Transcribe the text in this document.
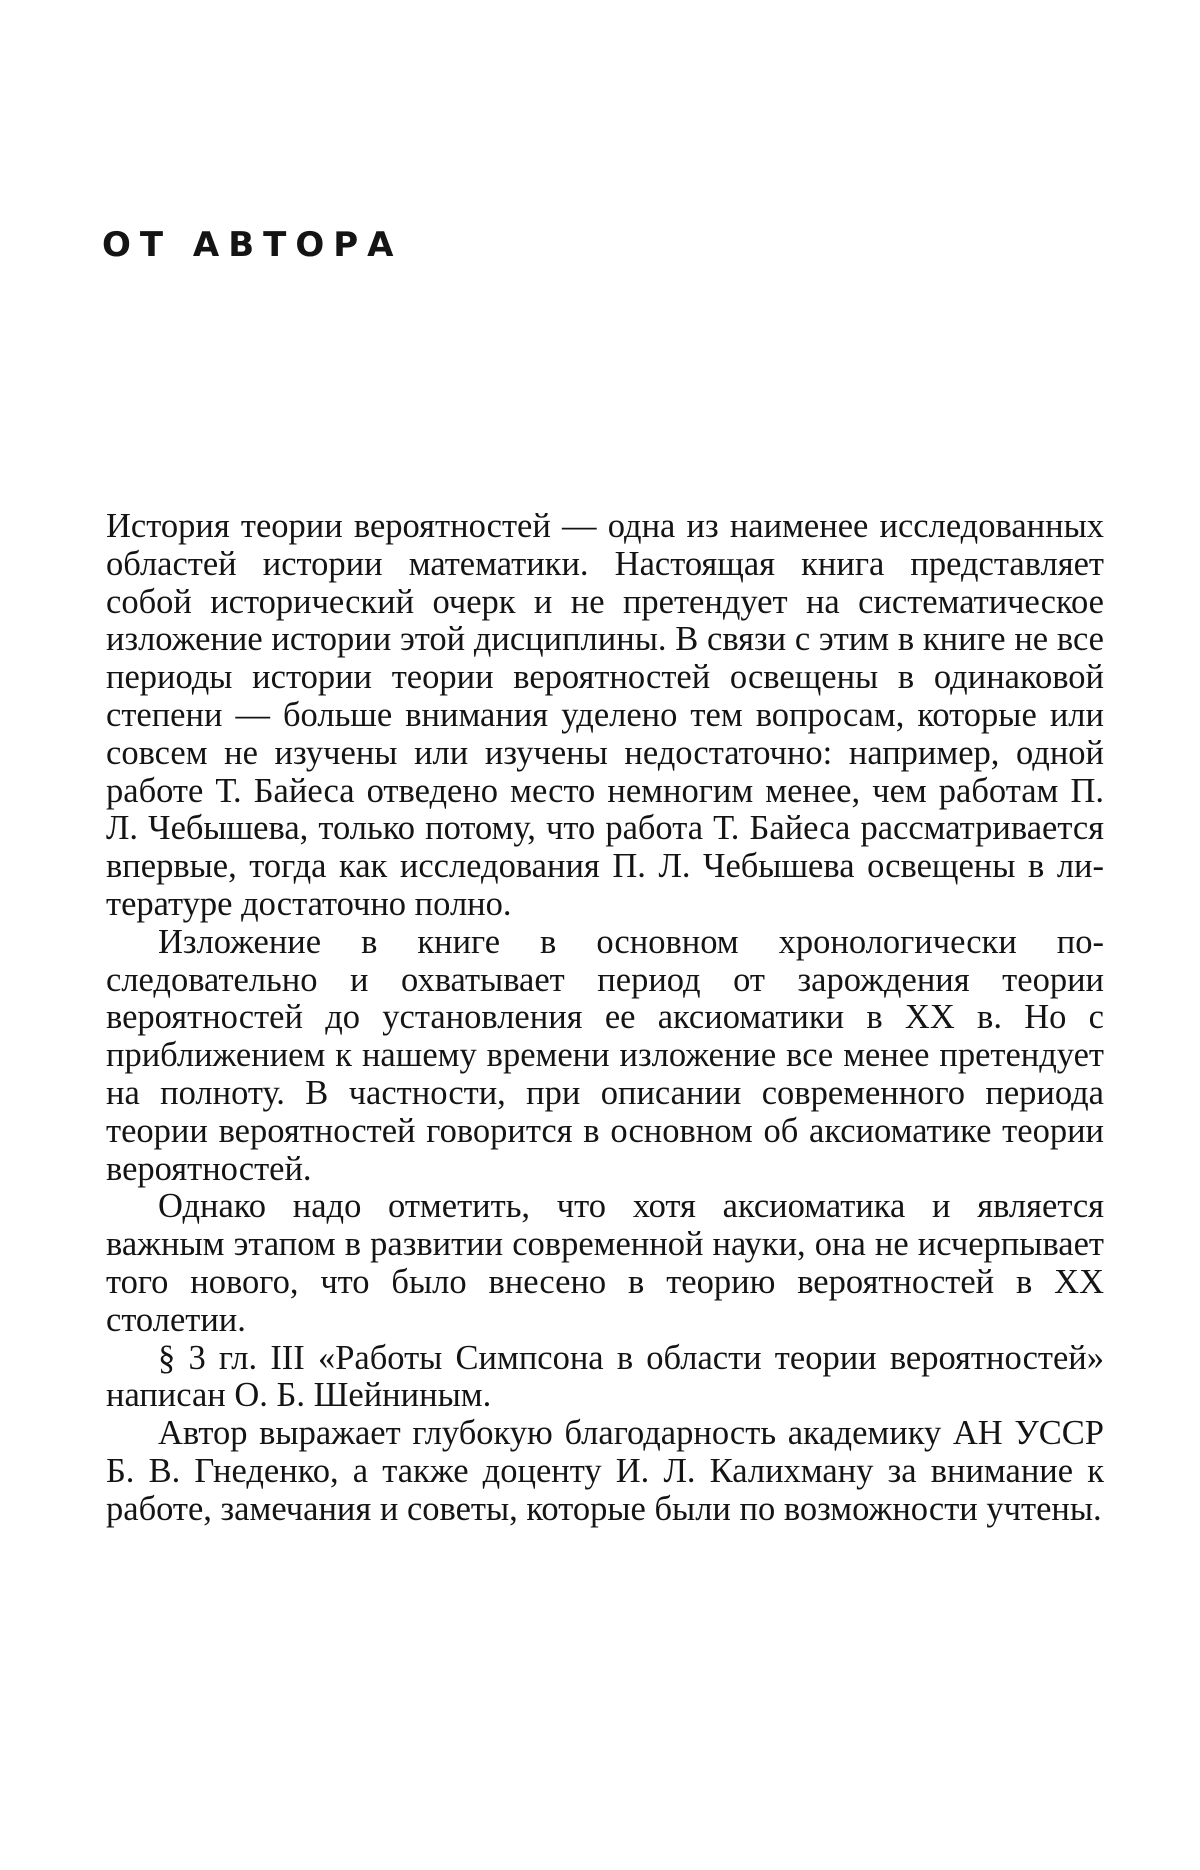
ОТ АВТОРА

История теории вероятностей — одна из наименее исследованных областей истории математики. Настоящая книга представляет собой исторический очерк и не претендует на систематическое изложение истории этой дисциплины. В связи с этим в книге не все периоды истории теории вероятностей освещены в одинаковой степени — больше внимания уделено тем вопросам, которые или совсем не изучены или изучены недостаточно: например, одной работе Т. Байеса отведено место немногим менее, чем работам П. Л. Чебышева, только потому, что работа Т. Байеса рассматривается впервые, тогда как исследования П. Л. Чебышева освещены в литературе достаточно полно.

Изложение в книге в основном хронологически последовательно и охватывает период от зарождения теории вероятностей до установления ее аксиоматики в XX в. Но с приближением к нашему времени изложение все менее претендует на полноту. В частности, при описании современного периода теории вероятностей говорится в основном об аксиоматике теории вероятностей.

Однако надо отметить, что хотя аксиоматика и является важным этапом в развитии современной науки, она не исчерпывает того нового, что было внесено в теорию вероятностей в XX столетии.

§ 3 гл. III «Работы Симпсона в области теории вероятностей» написан О. Б. Шейниным.

Автор выражает глубокую благодарность академику АН УССР Б. В. Гнеденко, а также доценту И. Л. Калихману за внимание к работе, замечания и советы, которые были по возможности учтены.
